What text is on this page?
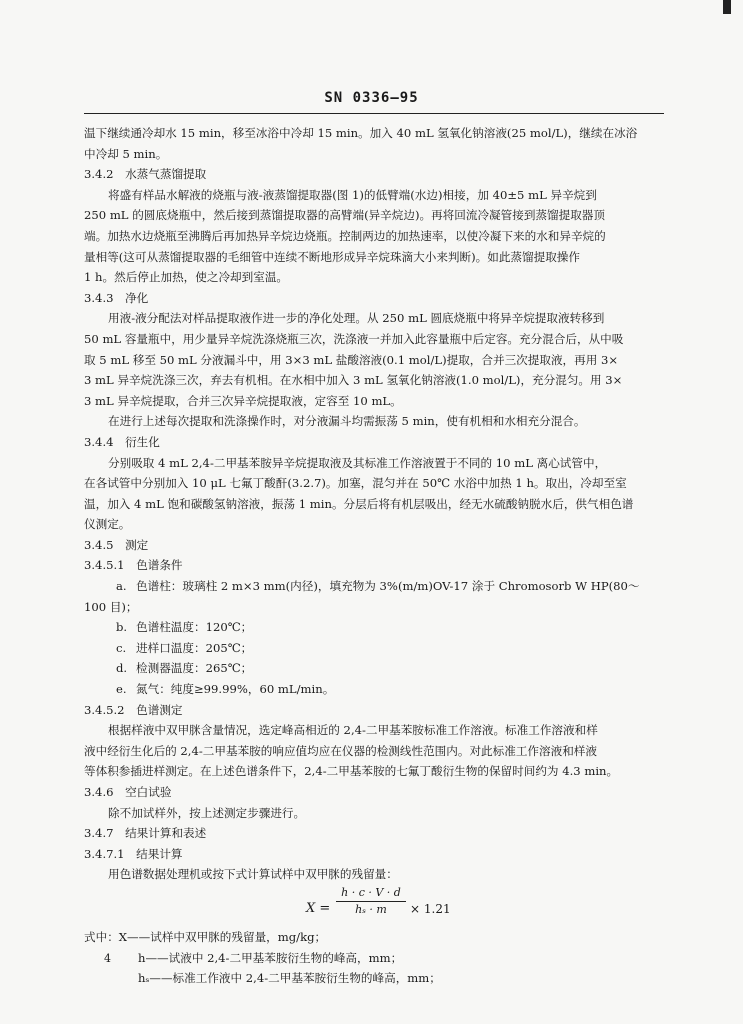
SN 0336—95

温下继续通冷却水 15 min，移至冰浴中冷却 15 min。加入 40 mL 氢氧化钠溶液(25 mol/L)，继续在冰浴

中冷却 5 min。

3.4.2　水蒸气蒸馏提取

将盛有样品水解液的烧瓶与液-液蒸馏提取器(图 1)的低臂端(水边)相接，加 40±5 mL 异辛烷到

250 mL 的圆底烧瓶中，然后接到蒸馏提取器的高臂端(异辛烷边)。再将回流冷凝管接到蒸馏提取器顶

端。加热水边烧瓶至沸腾后再加热异辛烷边烧瓶。控制两边的加热速率，以使冷凝下来的水和异辛烷的

量相等(这可从蒸馏提取器的毛细管中连续不断地形成异辛烷珠滴大小来判断)。如此蒸馏提取操作

1 h。然后停止加热，使之冷却到室温。

3.4.3　净化

用液-液分配法对样品提取液作进一步的净化处理。从 250 mL 圆底烧瓶中将异辛烷提取液转移到

50 mL 容量瓶中，用少量异辛烷洗涤烧瓶三次，洗涤液一并加入此容量瓶中后定容。充分混合后，从中吸

取 5 mL 移至 50 mL 分液漏斗中，用 3×3 mL 盐酸溶液(0.1 mol/L)提取，合并三次提取液，再用 3×

3 mL 异辛烷洗涤三次，弃去有机相。在水相中加入 3 mL 氢氧化钠溶液(1.0 mol/L)，充分混匀。用 3×

3 mL 异辛烷提取，合并三次异辛烷提取液，定容至 10 mL。

在进行上述每次提取和洗涤操作时，对分液漏斗均需振荡 5 min，使有机相和水相充分混合。

3.4.4　衍生化

分别吸取 4 mL 2,4-二甲基苯胺异辛烷提取液及其标准工作溶液置于不同的 10 mL 离心试管中，

在各试管中分别加入 10 μL 七氟丁酸酐(3.2.7)。加塞，混匀并在 50℃ 水浴中加热 1 h。取出，冷却至室

温，加入 4 mL 饱和碳酸氢钠溶液，振荡 1 min。分层后将有机层吸出，经无水硫酸钠脱水后，供气相色谱

仪测定。

3.4.5　测定

3.4.5.1　色谱条件

a. 色谱柱：玻璃柱 2 m×3 mm(内径)，填充物为 3%(m/m)OV-17 涂于 Chromosorb W HP(80～

100 目)；

b. 色谱柱温度：120℃；

c. 进样口温度：205℃；

d. 检测器温度：265℃；

e. 氮气：纯度≥99.99%，60 mL/min。

3.4.5.2　色谱测定

根据样液中双甲脒含量情况，选定峰高相近的 2,4-二甲基苯胺标准工作溶液。标准工作溶液和样

液中经衍生化后的 2,4-二甲基苯胺的响应值均应在仪器的检测线性范围内。对此标准工作溶液和样液

等体积参插进样测定。在上述色谱条件下，2,4-二甲基苯胺的七氟丁酸衍生物的保留时间约为 4.3 min。

3.4.6　空白试验

除不加试样外，按上述测定步骤进行。

3.4.7　结果计算和表述

3.4.7.1　结果计算

用色谱数据处理机或按下式计算试样中双甲脒的残留量：

$X = \frac{h \cdot c \cdot V \cdot d}{\text{hₛ · m}} \times 1.21$

式中：X——试样中双甲脒的残留量，mg/kg；

h——试液中 2,4-二甲基苯胺衍生物的峰高，mm；

hₛ——标准工作液中 2,4-二甲基苯胺衍生物的峰高，mm；

4
